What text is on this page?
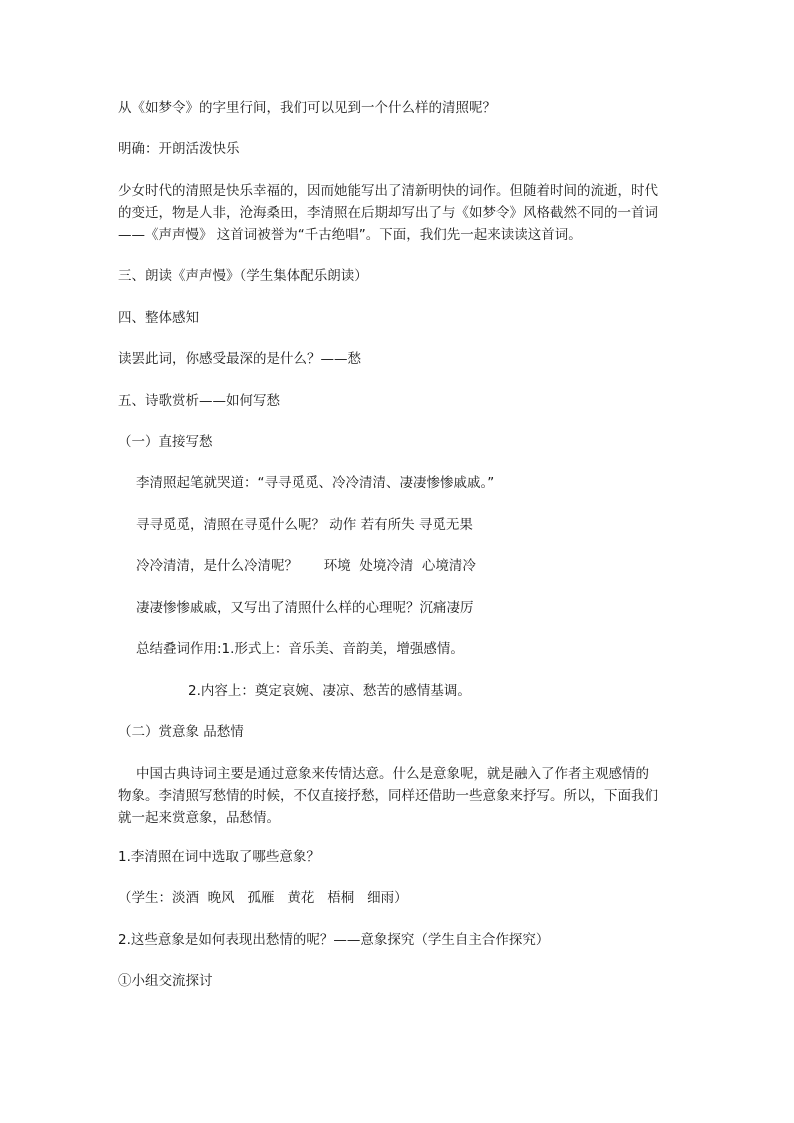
从《如梦令》的字里行间，我们可以见到一个什么样的清照呢？

明确：开朗活泼快乐

少女时代的清照是快乐幸福的，因而她能写出了清新明快的词作。但随着时间的流逝，时代

的变迁，物是人非，沧海桑田，李清照在后期却写出了与《如梦令》风格截然不同的一首词

——《声声慢》 这首词被誉为“千古绝唱”。下面，我们先一起来读读这首词。

三、朗读《声声慢》（学生集体配乐朗读）

四、整体感知

读罢此词，你感受最深的是什么？——愁

五、诗歌赏析——如何写愁

（一）直接写愁

李清照起笔就哭道：“寻寻觅觅、冷冷清清、凄凄惨惨戚戚。”

寻寻觅觅，清照在寻觅什么呢？ 动作 若有所失 寻觅无果

冷冷清清，是什么冷清呢？      环境  处境冷清  心境清冷

凄凄惨惨戚戚，又写出了清照什么样的心理呢？沉痛凄厉

总结叠词作用:1.形式上：音乐美、音韵美，增强感情。

2.内容上：奠定哀婉、凄凉、愁苦的感情基调。

（二）赏意象 品愁情

中国古典诗词主要是通过意象来传情达意。什么是意象呢，就是融入了作者主观感情的

物象。李清照写愁情的时候，不仅直接抒愁，同样还借助一些意象来抒写。所以，下面我们

就一起来赏意象，品愁情。

1.李清照在词中选取了哪些意象？

（学生：淡酒  晚风   孤雁   黄花   梧桐   细雨）

2.这些意象是如何表现出愁情的呢？——意象探究（学生自主合作探究）

①小组交流探讨
